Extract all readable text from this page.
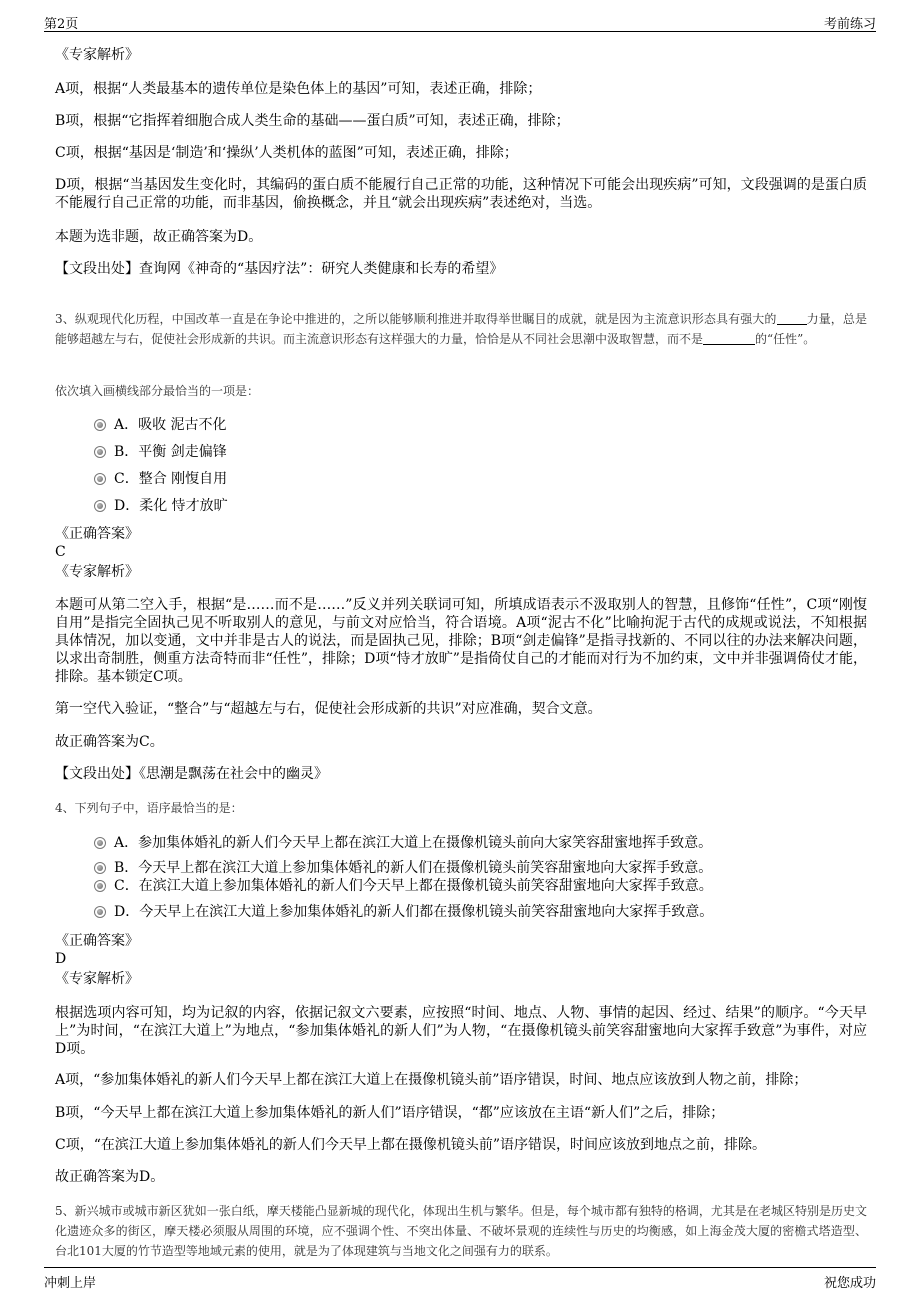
第2页	考前练习
《专家解析》
A项，根据“人类最基本的遗传单位是染色体上的基因”可知，表述正确，排除；
B项，根据“它指挥着细胞合成人类生命的基础——蛋白质”可知，表述正确，排除；
C项，根据“基因是‘制造’和‘操纵’人类机体的蓝图”可知，表述正确，排除；
D项，根据“当基因发生变化时，其编码的蛋白质不能履行自己正常的功能，这种情况下可能会出现疾病”可知，文段强调的是蛋白质不能履行自己正常的功能，而非基因，偷换概念，并且“就会出现疾病”表述绝对，当选。
本题为选非题，故正确答案为D。
【文段出处】查询网《神奇的“基因疗法”：研究人类健康和长寿的希望》
3、纵观现代化历程，中国改革一直是在争论中推进的，之所以能够顺利推进并取得举世瞩目的成就，就是因为主流意识形态具有强大的	力量，总是能够超越左与右，促使社会形成新的共识。而主流意识形态有这样强大的力量，恰恰是从不同社会思潮中汲取智慧，而不是	的“任性”。
依次填入画横线部分最恰当的一项是：
A．吸收 泥古不化
B．平衡 剑走偏锋
C．整合 刚愎自用
D．柔化 恃才放旷
《正确答案》
C
《专家解析》
本题可从第二空入手，根据“是……而不是……”反义并列关联词可知，所填成语表示不汲取别人的智慧，且修饰“任性”，C项“刚愎自用”是指完全固执己见不听取别人的意见，与前文对应恰当，符合语境。A项“泥古不化”比喻拘泥于古代的成规或说法，不知根据具体情况，加以变通，文中并非是古人的说法，而是固执己见，排除；B项“剑走偏锋”是指寻找新的、不同以往的办法来解决问题，以求出奇制胜，侧重方法奇特而非“任性”，排除；D项“恃才放旷”是指倚仗自己的才能而对行为不加约束，文中并非强调倚仗才能，排除。基本锁定C项。
第一空代入验证，“整合”与“超越左与右，促使社会形成新的共识”对应准确，契合文意。
故正确答案为C。
【文段出处】《思潮是飘荡在社会中的幽灵》
4、下列句子中，语序最恰当的是：
A．参加集体婚礼的新人们今天早上都在滨江大道上在摄像机镜头前向大家笑容甜蜜地挥手致意。
B．今天早上都在滨江大道上参加集体婚礼的新人们在摄像机镜头前笑容甜蜜地向大家挥手致意。
C．在滨江大道上参加集体婚礼的新人们今天早上都在摄像机镜头前笑容甜蜜地向大家挥手致意。
D．今天早上在滨江大道上参加集体婚礼的新人们都在摄像机镜头前笑容甜蜜地向大家挥手致意。
《正确答案》
D
《专家解析》
根据选项内容可知，均为记叙的内容，依据记叙文六要素，应按照“时间、地点、人物、事情的起因、经过、结果”的顺序。“今天早上”为时间，“在滨江大道上”为地点，“参加集体婚礼的新人们”为人物，“在摄像机镜头前笑容甜蜜地向大家挥手致意”为事件，对应D项。
A项，“参加集体婚礼的新人们今天早上都在滨江大道上在摄像机镜头前”语序错误，时间、地点应该放到人物之前，排除；
B项，“今天早上都在滨江大道上参加集体婚礼的新人们”语序错误，“都”应该放在主语“新人们”之后，排除；
C项，“在滨江大道上参加集体婚礼的新人们今天早上都在摄像机镜头前”语序错误，时间应该放到地点之前，排除。
故正确答案为D。
5、新兴城市或城市新区犹如一张白纸，摩天楼能凸显新城的现代化，体现出生机与繁华。但是，每个城市都有独特的格调，尤其是在老城区特别是历史文化遗迹众多的街区，摩天楼必须服从周围的环境，应不强调个性、不突出体量、不破坏景观的连续性与历史的均衡感，如上海金茂大厦的密檐式塔造型、台北101大厦的竹节造型等地域元素的使用，就是为了体现建筑与当地文化之间强有力的联系。
冲刺上岸	祝您成功
